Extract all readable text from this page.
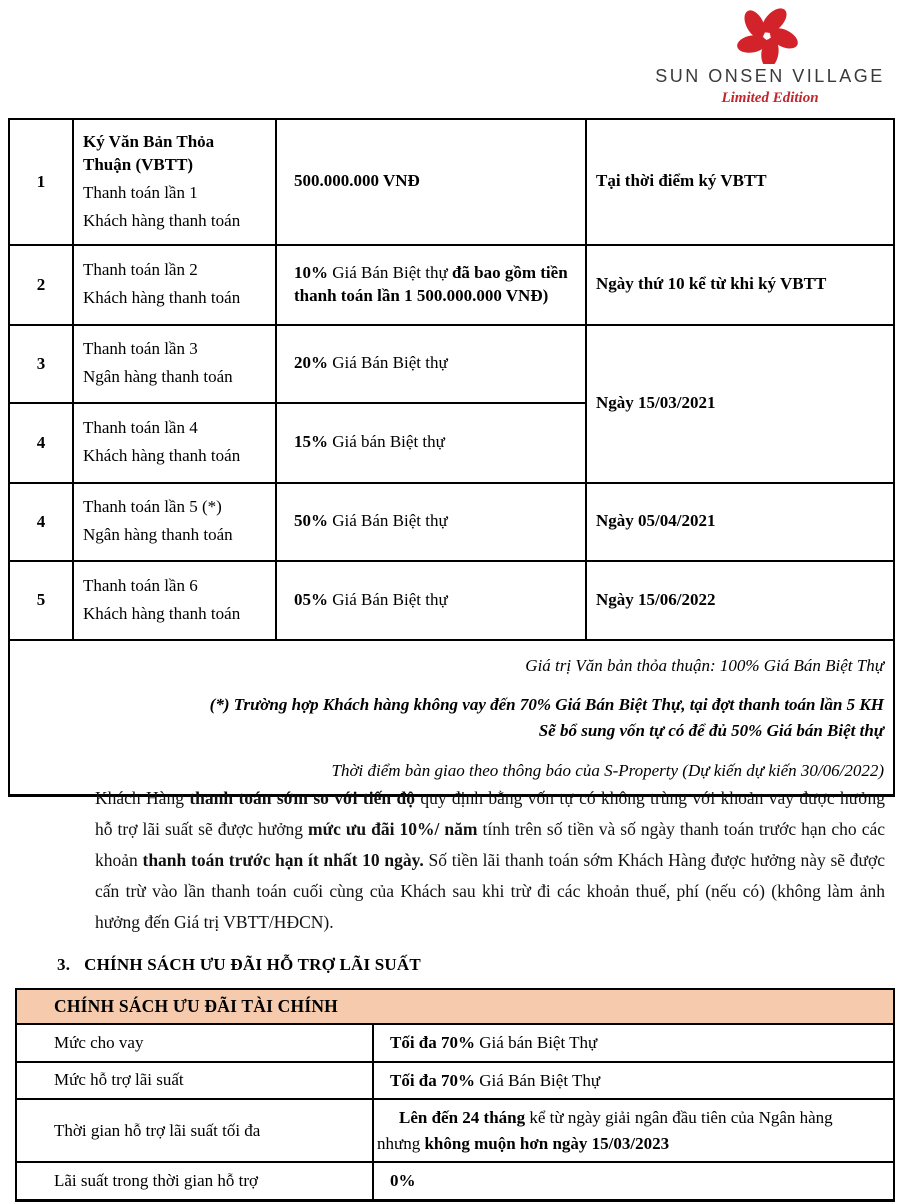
SUN ONSEN VILLAGE
Limited Edition
1	Ký Văn Bản Thỏa Thuận (VBTT)
Thanh toán lần 1
Khách hàng thanh toán	500.000.000 VNĐ	Tại thời điểm ký VBTT

2	Thanh toán lần 2
Khách hàng thanh toán	10% Giá Bán Biệt thự đã bao gồm tiền thanh toán lần 1 500.000.000 VNĐ)	Ngày thứ 10 kể từ khi ký VBTT

3	Thanh toán lần 3
Ngân hàng thanh toán	20% Giá Bán Biệt thự	Ngày 15/03/2021

4	Thanh toán lần 4
Khách hàng thanh toán	15% Giá bán Biệt thự	

4	Thanh toán lần 5 (*)
Ngân hàng thanh toán	50% Giá Bán Biệt thự	Ngày 05/04/2021

5	Thanh toán lần 6
Khách hàng thanh toán	05% Giá Bán Biệt thự	Ngày 15/06/2022

Giá trị Văn bản thỏa thuận: 100% Giá Bán Biệt Thự
(*) Trường hợp Khách hàng không vay đến 70% Giá Bán Biệt Thự, tại đợt thanh toán lần 5 KH
Sẽ bổ sung vốn tự có để đủ 50% Giá bán Biệt thự
Thời điểm bàn giao theo thông báo của S-Property (Dự kiến dự kiến 30/06/2022)			
Khách Hàng thanh toán sớm so với tiến độ quy định bằng vốn tự có không trùng với khoản vay được hưởng hỗ trợ lãi suất sẽ được hưởng mức ưu đãi 10%/ năm tính trên số tiền và số ngày thanh toán trước hạn cho các khoản thanh toán trước hạn ít nhất 10 ngày. Số tiền lãi thanh toán sớm Khách Hàng được hưởng này sẽ được cấn trừ vào lần thanh toán cuối cùng của Khách sau khi trừ đi các khoản thuế, phí (nếu có) (không làm ảnh hưởng đến Giá trị VBTT/HĐCN).
3. CHÍNH SÁCH ƯU ĐÃI HỖ TRỢ LÃI SUẤT
CHÍNH SÁCH ƯU ĐÃI TÀI CHÍNH	
Mức cho vay	Tối đa 70% Giá bán Biệt Thự
Mức hỗ trợ lãi suất	Tối đa 70% Giá Bán Biệt Thự
Thời gian hỗ trợ lãi suất tối đa	Lên đến 24 tháng kể từ ngày giải ngân đầu tiên của Ngân hàng
nhưng không muộn hơn ngày 15/03/2023
Lãi suất trong thời gian hỗ trợ	0%
